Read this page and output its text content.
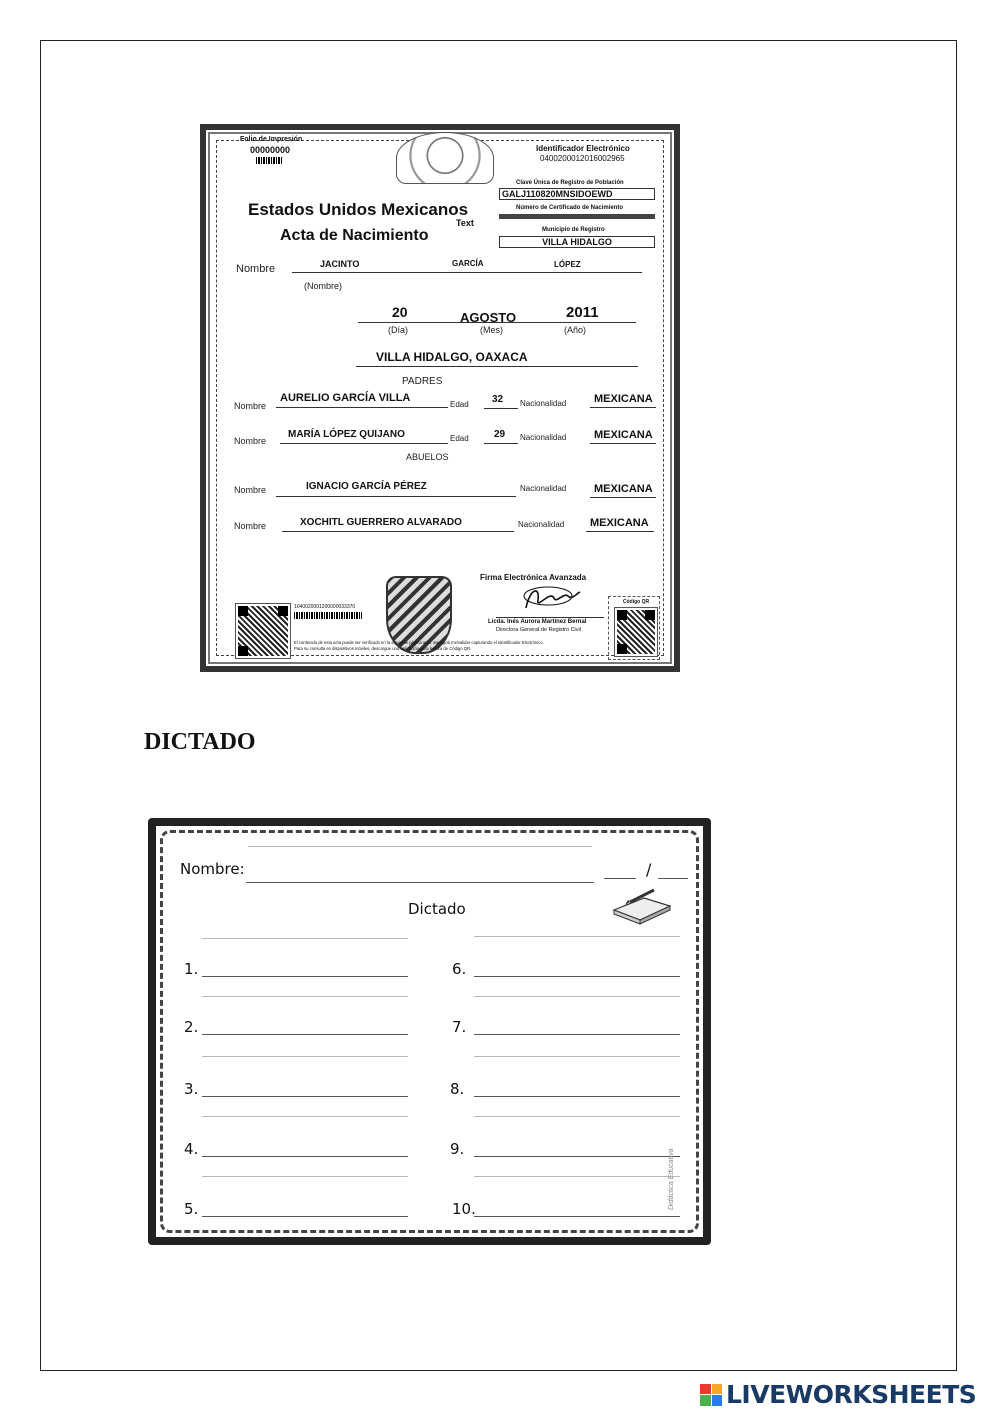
Folio de Impresión
00000000	Identificador Electrónico
0400200012016002965
Clave Única de Registro de Población
GALJ110820MNSIDOEWD
Número de Certificado de Nacimiento
Municipio de Registro
VILLA HIDALGO
Estados Unidos Mexicanos
Text
Acta de Nacimiento
Nombre	JACINTO	GARCÍA	LÓPEZ
(Nombre)
20	AGOSTO	2011
(Día)	(Mes)	(Año)
VILLA HIDALGO, OAXACA
PADRES
Nombre
AURELIO GARCÍA VILLA
Edad 32 Nacionalidad	MEXICANA
Nombre
MARÍA LÓPEZ QUIJANO	Edad	29 Nacionalidad	MEXICANA
ABUELOS
Nombre	IGNACIO GARCÍA PÉREZ	Nacionalidad	MEXICANA
Nombre	XOCHITL GUERRERO ALVARADO	Nacionalidad MEXICANA
1040020001200000033370
Firma Electrónica Avanzada
Licda. Inés Aurora Martínez Bernal
Directora General de Registro Civil
Código QR
El contenido de esta acta puede ser verificado en la siguiente página web: www.gob.mx/validar capturando el Identificador Electrónico.
Para su consulta en dispositivos móviles, descargue una aplicación para lectura de Código QR.
DICTADO
Nombre:	/
Dictado
1.
2.
3.
4.
5.
6.
7.
8.
9.
10.	Didáctica Educativa
LIVEWORKSHEETS
